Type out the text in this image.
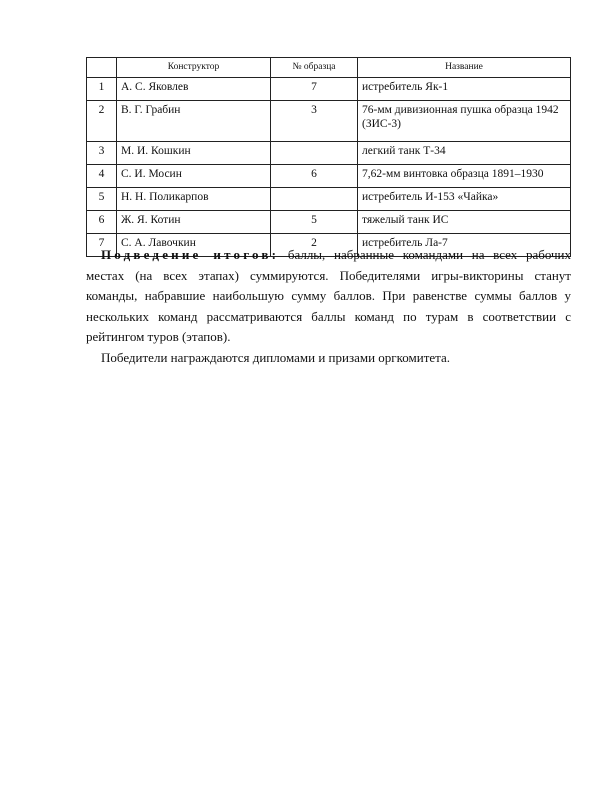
	Конструктор	№ образца	Название
1	А. С. Яковлев	7	истребитель Як-1
2	В. Г. Грабин	3	76-мм дивизионная пушка образца 1942 (ЗИС-3)
3	М. И. Кошкин		легкий танк Т-34
4	С. И. Мосин	6	7,62-мм винтовка образца 1891–1930
5	Н. Н. Поликарпов		истребитель И-153 «Чайка»
6	Ж. Я. Котин	5	тяжелый танк ИС
7	С. А. Лавочкин	2	истребитель Ла-7

Подведение итогов: баллы, набранные командами на всех рабочих местах (на всех этапах) суммируются. Победителями игры-викторины станут команды, набравшие наибольшую сумму баллов. При равенстве суммы баллов у нескольких команд рассматриваются баллы команд по турам в соответствии с рейтингом туров (этапов).

Победители награждаются дипломами и призами оргкомитета.
